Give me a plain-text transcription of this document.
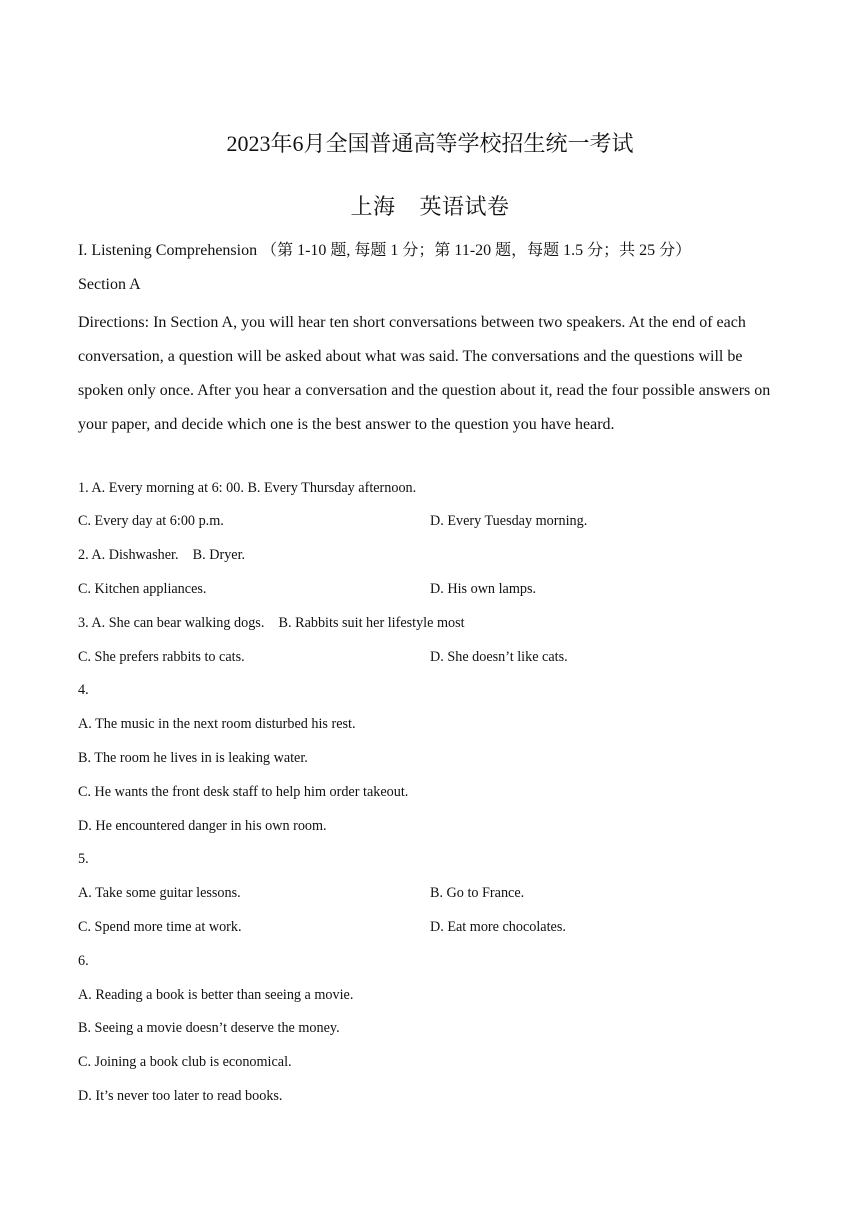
2023年6月全国普通高等学校招生统一考试
上海    英语试卷
I. Listening Comprehension （第 1-10 题, 每题 1 分；第 11-20 题，每题 1.5 分；共 25 分）
Section A
Directions: In Section A, you will hear ten short conversations between two speakers. At the end of each conversation, a question will be asked about what was said. The conversations and the questions will be spoken only once. After you hear a conversation and the question about it, read the four possible answers on your paper, and decide which one is the best answer to the question you have heard.
1. A. Every morning at 6: 00. B. Every Thursday afternoon.
C. Every day at 6:00 p.m.	D. Every Tuesday morning.
2. A. Dishwasher.    B. Dryer.
C. Kitchen appliances.	D. His own lamps.
3. A. She can bear walking dogs.    B. Rabbits suit her lifestyle most
C. She prefers rabbits to cats.	D. She doesn’t like cats.
4.
A. The music in the next room disturbed his rest.
B. The room he lives in is leaking water.
C. He wants the front desk staff to help him order takeout.
D. He encountered danger in his own room.
5.
A. Take some guitar lessons.	B. Go to France.
C. Spend more time at work.	D. Eat more chocolates.
6.
A. Reading a book is better than seeing a movie.
B. Seeing a movie doesn’t deserve the money.
C. Joining a book club is economical.
D. It’s never too later to read books.
